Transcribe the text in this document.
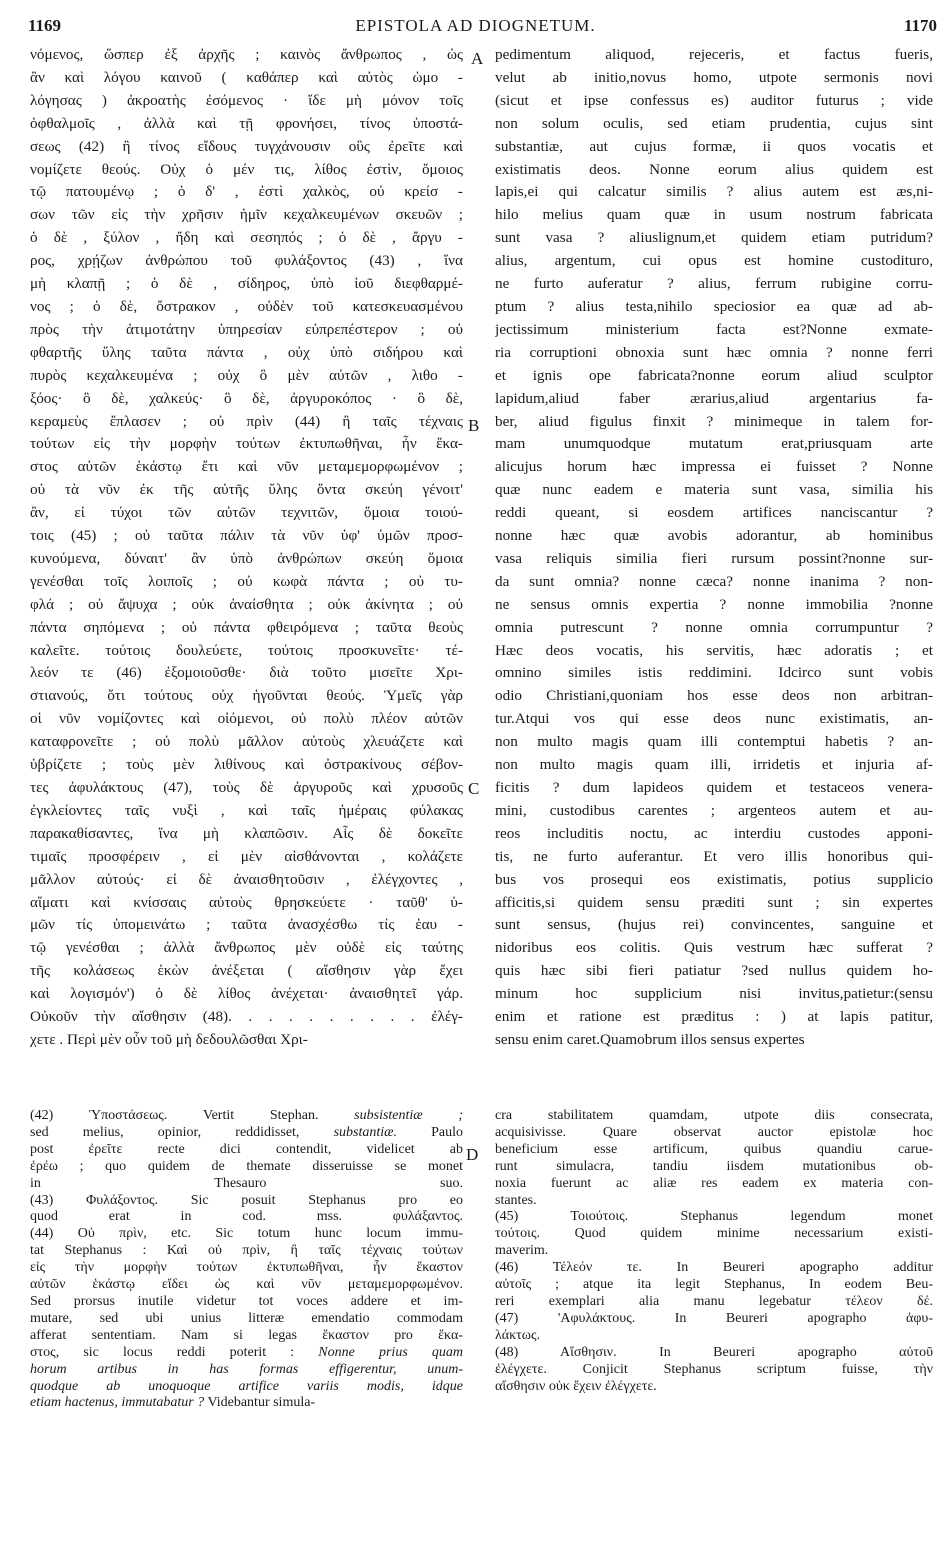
1169	EPISTOLA AD DIOGNETUM.	1170
A
B
C
D
νόμενος, ὥσπερ ἐξ ἀρχῆς ; καινὸς ἄνθρωπος , ὡς
ἂν καὶ λόγου καινοῦ ( καθάπερ καὶ αὐτὸς ὡμο -
λόγησας ) ἀκροατὴς ἐσόμενος · ἴδε μὴ μόνον τοῖς
ὀφθαλμοῖς , ἀλλὰ καὶ τῇ φρονήσει, τίνος ὑποστά-
σεως (42) ἢ τίνος εἴδους τυγχάνουσιν οὓς ἐρεῖτε καὶ
νομίζετε θεούς. Οὐχ ὁ μέν τις, λίθος ἐστὶν, ὅμοιος
τῷ πατουμένῳ ; ὁ δ' , ἐστὶ χαλκὸς, οὐ κρείσ -
σων τῶν εἰς τὴν χρῆσιν ἡμῖν κεχαλκευμένων σκευῶν ;
ὁ δὲ , ξύλον , ἤδη καὶ σεσηπός ; ὁ δὲ , ἄργυ -
ρος, χρῄζων ἀνθρώπου τοῦ φυλάξοντος (43) , ἵνα
μὴ κλαπῇ ; ὁ δὲ , σίδηρος, ὑπὸ ἰοῦ διεφθαρμέ-
νος ; ὁ δὲ, ὄστρακον , οὐδὲν τοῦ κατεσκευασμένου
πρὸς τὴν ἀτιμοτάτην ὑπηρεσίαν εὐπρεπέστερον ; οὐ
φθαρτῆς ὕλης ταῦτα πάντα , οὐχ ὑπὸ σιδήρου καὶ
πυρὸς κεχαλκευμένα ; οὐχ ὃ μὲν αὐτῶν , λιθο -
ξόος· ὃ δὲ, χαλκεύς· ὃ δὲ, ἀργυροκόπος · ὃ δὲ,
κεραμεὺς ἔπλασεν ; οὐ πρὶν (44) ἢ ταῖς τέχναις
τούτων εἰς τὴν μορφὴν τούτων ἐκτυπωθῆναι, ἦν ἕκα-
στος αὐτῶν ἑκάστῳ ἔτι καὶ νῦν μεταμεμορφωμένον ;
οὐ τὰ νῦν ἐκ τῆς αὐτῆς ὕλης ὄντα σκεύη γένοιτ'
ἂν, εἰ τύχοι τῶν αὐτῶν τεχνιτῶν, ὅμοια τοιού-
τοις (45) ; οὐ ταῦτα πάλιν τὰ νῦν ὑφ' ὑμῶν προσ-
κυνούμενα, δύναιτ' ἂν ὑπὸ ἀνθρώπων σκεύη ὅμοια
γενέσθαι τοῖς λοιποῖς ; οὐ κωφὰ πάντα ; οὐ τυ-
φλά ; οὐ ἄψυχα ; οὐκ ἀναίσθητα ; οὐκ ἀκίνητα ; οὐ
πάντα σηπόμενα ; οὐ πάντα φθειρόμενα ; ταῦτα θεοὺς
καλεῖτε. τούτοις δουλεύετε, τούτοις προσκυνεῖτε· τέ-
λεόν τε (46) ἐξομοιοῦσθε· διὰ τοῦτο μισεῖτε Χρι-
στιανούς, ὅτι τούτους οὐχ ἡγοῦνται θεούς. Ὑμεῖς γὰρ
οἱ νῦν νομίζοντες καὶ οἰόμενοι, οὐ πολὺ πλέον αὐτῶν
καταφρονεῖτε ; οὐ πολὺ μᾶλλον αὐτοὺς χλευάζετε καὶ
ὑβρίζετε ; τοὺς μὲν λιθίνους καὶ ὀστρακίνους σέβον-
τες ἀφυλάκτους (47), τοὺς δὲ ἀργυροῦς καὶ χρυσοῦς
ἐγκλείοντες ταῖς νυξὶ , καὶ ταῖς ἡμέραις φύλακας
παρακαθίσαντες, ἵνα μὴ κλαπῶσιν. Αἷς δὲ δοκεῖτε
τιμαῖς προσφέρειν , εἰ μὲν αἰσθάνονται , κολάζετε
μᾶλλον αὐτούς· εἰ δὲ ἀναισθητοῦσιν , ἐλέγχοντες ,
αἵματι καὶ κνίσσαις αὐτοὺς θρησκεύετε · ταῦθ' ὑ-
μῶν τίς ὑπομεινάτω ; ταῦτα ἀνασχέσθω τίς ἑαυ -
τῷ γενέσθαι ; ἀλλὰ ἄνθρωπος μὲν οὐδὲ εἰς ταύτης
τῆς κολάσεως ἑκὼν ἀνέξεται ( αἴσθησιν γὰρ ἔχει
καὶ λογισμόν') ὁ δὲ λίθος ἀνέχεται· ἀναισθητεῖ γάρ.
Οὐκοῦν τὴν αἴσθησιν (48). . . . . . . . . . ἐλέγ-
χετε . Περὶ μὲν οὖν τοῦ μὴ δεδουλῶσθαι Χρι-
pedimentum aliquod, rejeceris, et factus fueris,
velut ab initio,novus homo, utpote sermonis novi
(sicut et ipse confessus es) auditor futurus ; vide
non solum oculis, sed etiam prudentia, cujus sint
substantiæ, aut cujus formæ, ii quos vocatis et
existimatis deos. Nonne eorum alius quidem est
lapis,ei qui calcatur similis ? alius autem est æs,ni-
hilo melius quam quæ in usum nostrum fabricata
sunt vasa ? aliuslignum,et quidem etiam putridum?
alius, argentum, cui opus est homine custodituro,
ne furto auferatur ? alius, ferrum rubigine corru-
ptum ? alius testa,nihilo speciosior ea quæ ad ab-
jectissimum ministerium facta est?Nonne exmate-
ria corruptioni obnoxia sunt hæc omnia ? nonne ferri
et ignis ope fabricata?nonne eorum aliud sculptor
lapidum,aliud faber ærarius,aliud argentarius fa-
ber, aliud figulus finxit ? minimeque in talem for-
mam unumquodque mutatum erat,priusquam arte
alicujus horum hæc impressa ei fuisset ? Nonne
quæ nunc eadem e materia sunt vasa, similia his
reddi queant, si eosdem artifices nanciscantur ?
nonne hæc quæ avobis adorantur, ab hominibus
vasa reliquis similia fieri rursum possint?nonne sur-
da sunt omnia? nonne cæca? nonne inanima ? non-
ne sensus omnis expertia ? nonne immobilia ?nonne
omnia putrescunt ? nonne omnia corrumpuntur ?
Hæc deos vocatis, his servitis, hæc adoratis ; et
omnino similes istis reddimini. Idcirco sunt vobis
odio Christiani,quoniam hos esse deos non arbitran-
tur.Atqui vos qui esse deos nunc existimatis, an-
non multo magis quam illi contemptui habetis ? an-
non multo magis quam illi, irridetis et injuria af-
ficitis ? dum lapideos quidem et testaceos venera-
mini, custodibus carentes ; argenteos autem et au-
reos includitis noctu, ac interdiu custodes apponi-
tis, ne furto auferantur. Et vero illis honoribus qui-
bus vos prosequi eos existimatis, potius supplicio
afficitis,si quidem sensu præditi sunt ; sin expertes
sunt sensus, (hujus rei) convincentes, sanguine et
nidoribus eos colitis. Quis vestrum hæc sufferat ?
quis hæc sibi fieri patiatur ?sed nullus quidem ho-
minum hoc supplicium nisi invitus,patietur:(sensu
enim et ratione est præditus : ) at lapis patitur,
sensu enim caret.Quamobrum illos sensus expertes
(42) Ὑποστάσεως. Vertit Stephan. subsistentiæ ;
sed melius, opinior, reddidisset, substantiæ. Paulo
post ἐρεῖτε recte dici contendit, videlicet ab
ἐρέω ; quo quidem de themate disseruisse se monet
in Thesauro suo.
(43) Φυλάξοντος. Sic posuit Stephanus pro eo
quod erat in cod. mss. φυλάξαντος.
(44) Οὐ πρὶν, etc. Sic totum hunc locum immu-
tat Stephanus : Καὶ οὐ πρὶν, ἢ ταῖς τέχναις τούτων
εἰς τὴν μορφὴν τούτων ἐκτυπωθῆναι, ἦν ἕκαστον
αὐτῶν ἑκάστῳ εἴδει ὡς καὶ νῦν μεταμεμορφωμένον.
Sed prorsus inutile videtur tot voces addere et im-
mutare, sed ubi unius litteræ emendatio commodam
afferat sententiam. Nam si legas ἕκαστον pro ἕκα-
στος, sic locus reddi poterit : Nonne prius quam
horum artibus in has formas effigerentur, unum-
quodque ab unoquoque artifice variis modis, idque
etiam hactenus, immutabatur ? Videbantur simula-
cra stabilitatem quamdam, utpote diis consecrata,
acquisivisse. Quare observat auctor epistolæ hoc
beneficium esse artificum, quibus quandiu carue-
runt simulacra, tandiu iisdem mutationibus ob-
noxia fuerunt ac aliæ res eadem ex materia con-
stantes.
(45) Τοιούτοις. Stephanus legendum monet
τούτοις. Quod quidem minime necessarium existi-
maverim.
(46) Τέλεόν τε. In Beureri apographo additur
αὐτοῖς ; atque ita legit Stephanus, In eodem Beu-
reri exemplari alia manu legebatur τέλεον δέ.
(47) 'Αφυλάκτους. In Beureri apographo ἀφυ-
λάκτως.
(48) Αἴσθησιν. In Beureri apographo αὐτοῦ
ἐλέγχετε. Conjicit Stephanus scriptum fuisse, τὴν
αἴσθησιν οὐκ ἔχειν ἐλέγχετε.
